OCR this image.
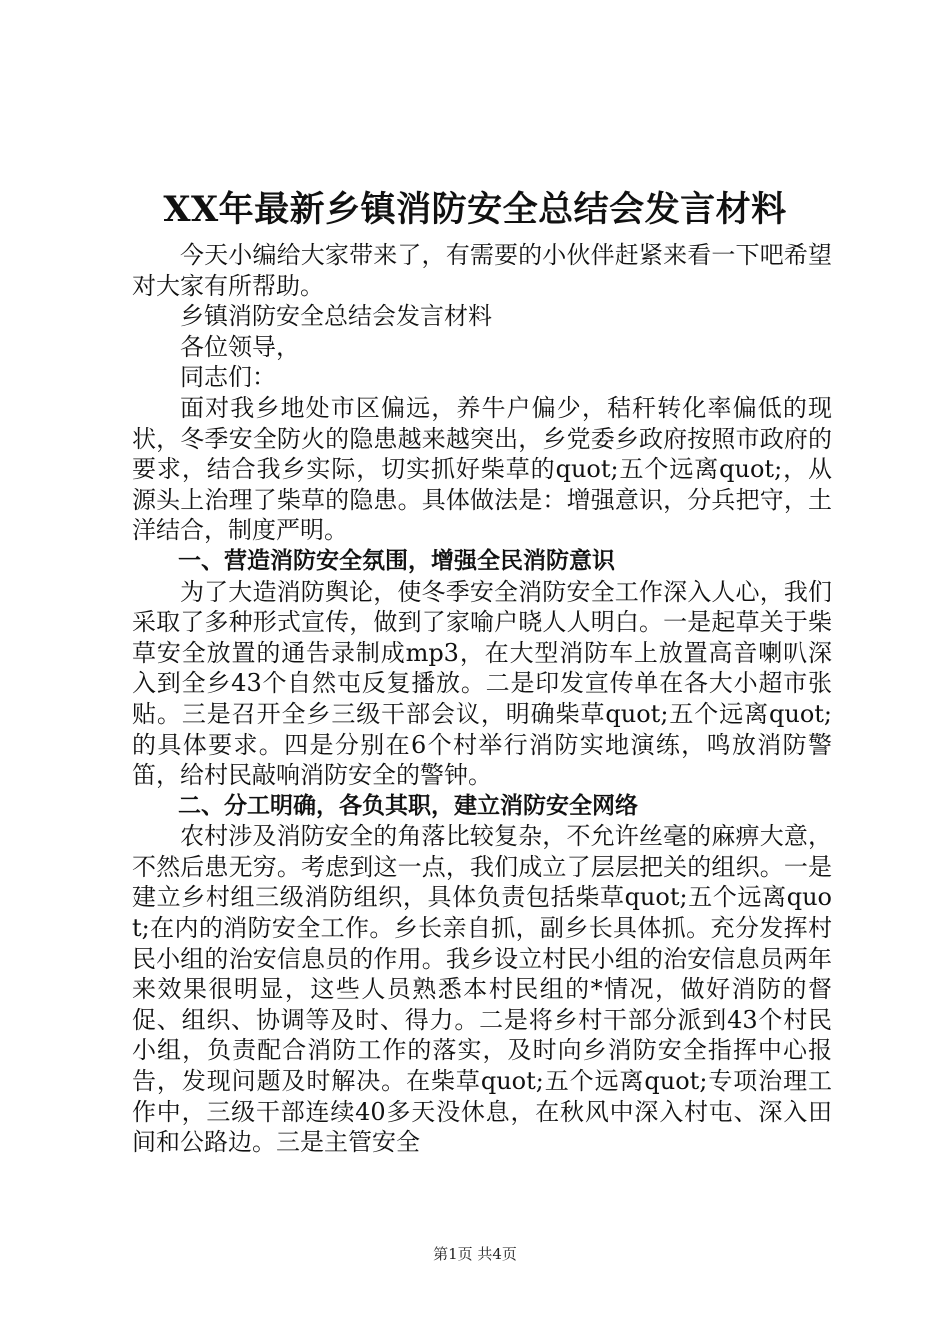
XX年最新乡镇消防安全总结会发言材料

今天小编给大家带来了，有需要的小伙伴赶紧来看一下吧希望对大家有所帮助。

乡镇消防安全总结会发言材料

各位领导，

同志们：

面对我乡地处市区偏远，养牛户偏少，秸秆转化率偏低的现状，冬季安全防火的隐患越来越突出，乡党委乡政府按照市政府的要求，结合我乡实际，切实抓好柴草的quot;五个远离quot;，从源头上治理了柴草的隐患。具体做法是：增强意识，分兵把守，土洋结合，制度严明。

一、营造消防安全氛围，增强全民消防意识

为了大造消防舆论，使冬季安全消防安全工作深入人心，我们采取了多种形式宣传，做到了家喻户晓人人明白。一是起草关于柴草安全放置的通告录制成mp3，在大型消防车上放置高音喇叭深入到全乡43个自然屯反复播放。二是印发宣传单在各大小超市张贴。三是召开全乡三级干部会议，明确柴草quot;五个远离quot;的具体要求。四是分别在6个村举行消防实地演练，鸣放消防警笛，给村民敲响消防安全的警钟。

二、分工明确，各负其职，建立消防安全网络

农村涉及消防安全的角落比较复杂，不允许丝毫的麻痹大意，不然后患无穷。考虑到这一点，我们成立了层层把关的组织。一是建立乡村组三级消防组织，具体负责包括柴草quot;五个远离quot;在内的消防安全工作。乡长亲自抓，副乡长具体抓。充分发挥村民小组的治安信息员的作用。我乡设立村民小组的治安信息员两年来效果很明显，这些人员熟悉本村民组的*情况，做好消防的督促、组织、协调等及时、得力。二是将乡村干部分派到43个村民小组，负责配合消防工作的落实，及时向乡消防安全指挥中心报告，发现问题及时解决。在柴草quot;五个远离quot;专项治理工作中，三级干部连续40多天没休息，在秋风中深入村屯、深入田间和公路边。三是主管安全

第1页 共4页
